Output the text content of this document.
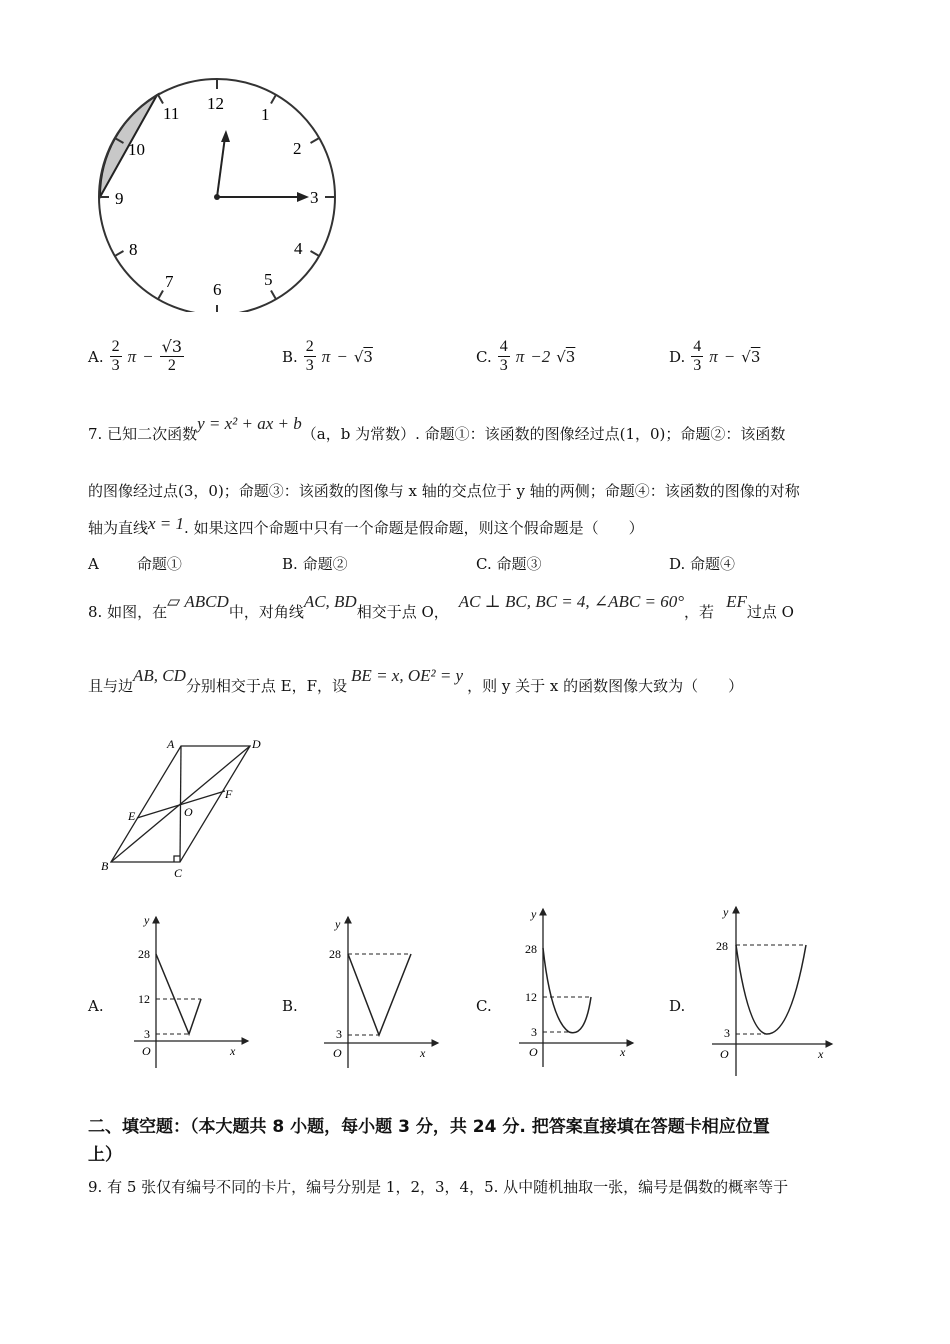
12
1
2
3
4
5
6
7
8
9
10
11
A. $\frac{2}{3}$ $\pi - \frac{√3}{2}$	B. $\frac{2}{3}$ π − √3	C. $\frac{4}{3}$ π −2 √3	D. $\frac{4}{3}$ π − √3
7. 已知二次函数y = x² + ax + b（a，b 为常数）. 命题①：该函数的图像经过点(1，0)；命题②：该函数
的图像经过点(3，0)；命题③：该函数的图像与 x 轴的交点位于 y 轴的两侧；命题④：该函数的图像的对称
轴为直线x = 1. 如果这四个命题中只有一个命题是假命题，则这个假命题是（　　）
A	命题①	B. 命题②	C. 命题③	D. 命题④
8. 如图，在▱ ABCD中，对角线AC, BD相交于点 O，AC ⊥ BC, BC = 4, ∠ABC = 60°，若EF过点 O
且与边AB, CD分别相交于点 E，F，设BE = x, OE² = y，则 y 关于 x 的函数图像大致为（　　）
A	D
E
F
O
B	C
A.
y
28
12
3
O	x
B.
y
28
3
O	x
C.
y
28
12
3
O	x
D.
y
28
3
O	x
二、填空题：（本大题共 8 小题，每小题 3 分，共 24 分. 把答案直接填在答题卡相应位置
上）
9. 有 5 张仅有编号不同的卡片，编号分别是 1，2，3，4，5. 从中随机抽取一张，编号是偶数的概率等于
